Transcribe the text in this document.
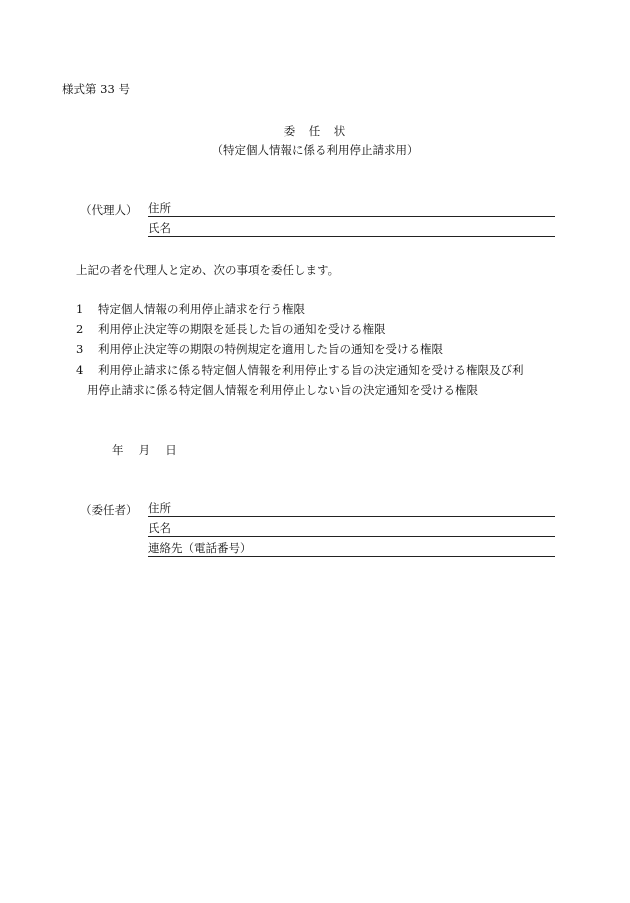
様式第 33 号
委　任　状
（特定個人情報に係る利用停止請求用）
（代理人） 住所
氏名
上記の者を代理人と定め、次の事項を委任します。
1 特定個人情報の利用停止請求を行う権限
2 利用停止決定等の期限を延長した旨の通知を受ける権限
3 利用停止決定等の期限の特例規定を適用した旨の通知を受ける権限
4 利用停止請求に係る特定個人情報を利用停止する旨の決定通知を受ける権限及び利
用停止請求に係る特定個人情報を利用停止しない旨の決定通知を受ける権限
年　 月　 日
（委任者） 住所
氏名
連絡先（電話番号）
